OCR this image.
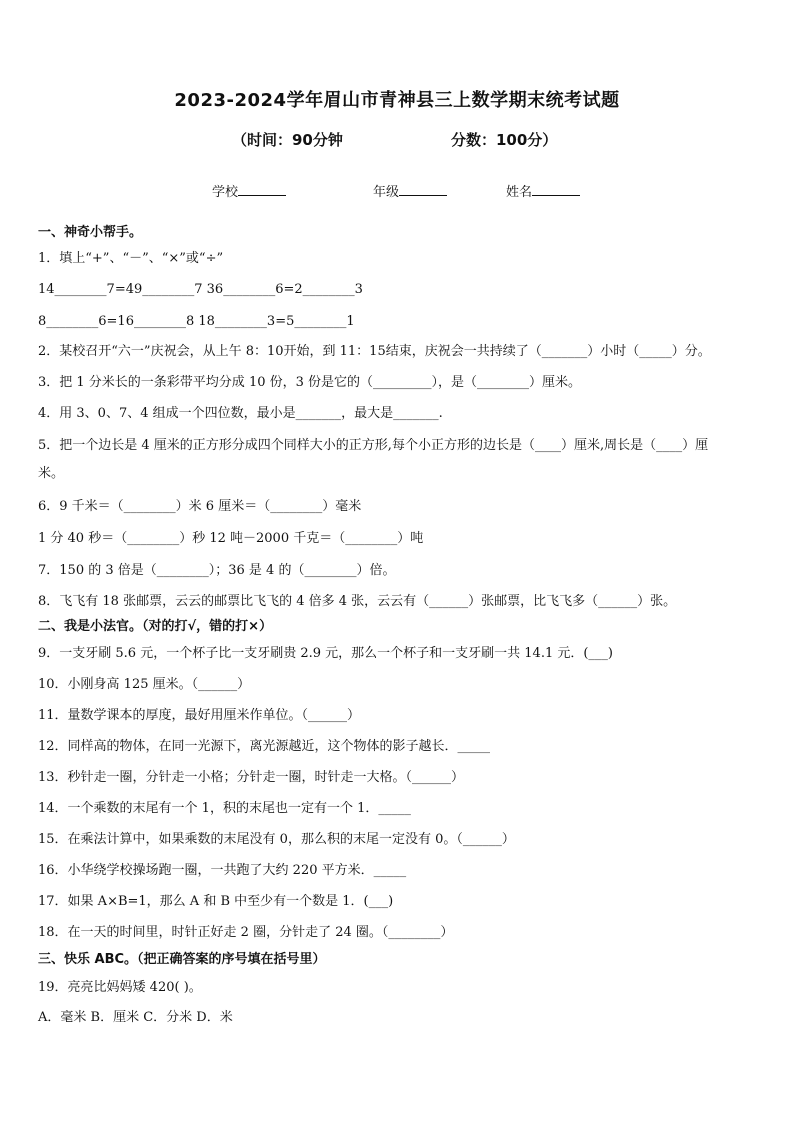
2023-2024学年眉山市青神县三上数学期末统考试题
（时间：90分钟	分数：100分）
学校	年级	姓名
一、神奇小帮手。
1．填上“+”、“－”、“×”或“÷”
14________7=49________7 36________6=2________3
8________6=16________8 18________3=5________1
2．某校召开“六一”庆祝会，从上午 8：10开始，到 11：15结束，庆祝会一共持续了（_______）小时（_____）分。
3．把 1 分米长的一条彩带平均分成 10 份，3 份是它的（_________），是（________）厘米。
4．用 3、0、7、4 组成一个四位数，最小是_______，最大是_______.
5．把一个边长是 4 厘米的正方形分成四个同样大小的正方形,每个小正方形的边长是（____）厘米,周长是（____）厘
米。
6．9 千米＝（________）米 6 厘米＝（________）毫米
1 分 40 秒＝（________）秒 12 吨－2000 千克＝（________）吨
7．150 的 3 倍是（________）；36 是 4 的（________）倍。
8．飞飞有 18 张邮票，云云的邮票比飞飞的 4 倍多 4 张，云云有（______）张邮票，比飞飞多（______）张。
二、我是小法官。（对的打√，错的打×）
9．一支牙刷 5.6 元，一个杯子比一支牙刷贵 2.9 元，那么一个杯子和一支牙刷一共 14.1 元．(___)
10．小刚身高 125 厘米。（______）
11．量数学课本的厚度，最好用厘米作单位。（______）
12．同样高的物体，在同一光源下，离光源越近，这个物体的影子越长．_____
13．秒针走一圈，分针走一小格；分针走一圈，时针走一大格。（______）
14．一个乘数的末尾有一个 1，积的末尾也一定有一个 1．_____
15．在乘法计算中，如果乘数的末尾没有 0，那么积的末尾一定没有 0。（______）
16．小华绕学校操场跑一圈，一共跑了大约 220 平方米．_____
17．如果 A×B=1，那么 A 和 B 中至少有一个数是 1．(___)
18．在一天的时间里，时针正好走 2 圈，分针走了 24 圈。（________）
三、快乐 ABC。（把正确答案的序号填在括号里）
19．亮亮比妈妈矮 420( )。
A．毫米 B．厘米 C．分米 D．米
